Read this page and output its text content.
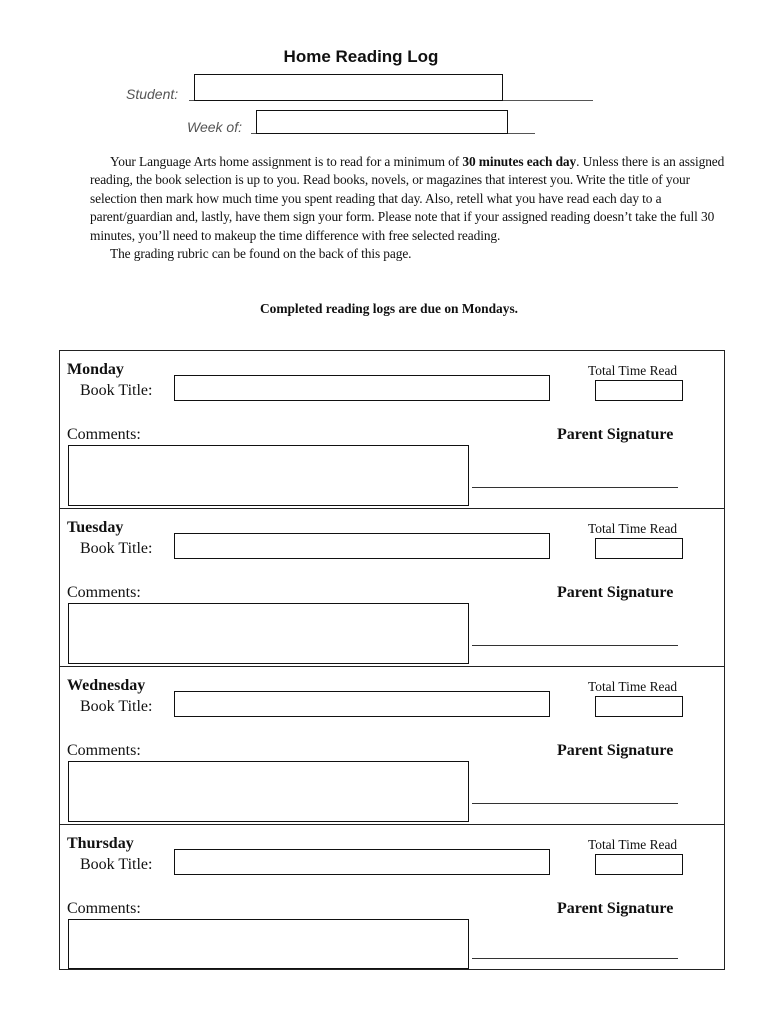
Home Reading Log
Student:
Week of:

Your Language Arts home assignment is to read for a minimum of 30 minutes each day. Unless there is an assigned reading, the book selection is up to you. Read books, novels, or magazines that interest you. Write the title of your selection then mark how much time you spent reading that day. Also, retell what you have read each day to a parent/guardian and, lastly, have them sign your form. Please note that if your assigned reading doesn’t take the full 30 minutes, you’ll need to makeup the time difference with free selected reading.

The grading rubric can be found on the back of this page.

Completed reading logs are due on Mondays.
Monday
Book Title:
Total Time Read
Comments:	Parent Signature
Tuesday
Book Title:
Total Time Read
Comments:	Parent Signature
Wednesday
Book Title:
Total Time Read
Comments:	Parent Signature
Thursday
Book Title:
Total Time Read
Comments:	Parent Signature
